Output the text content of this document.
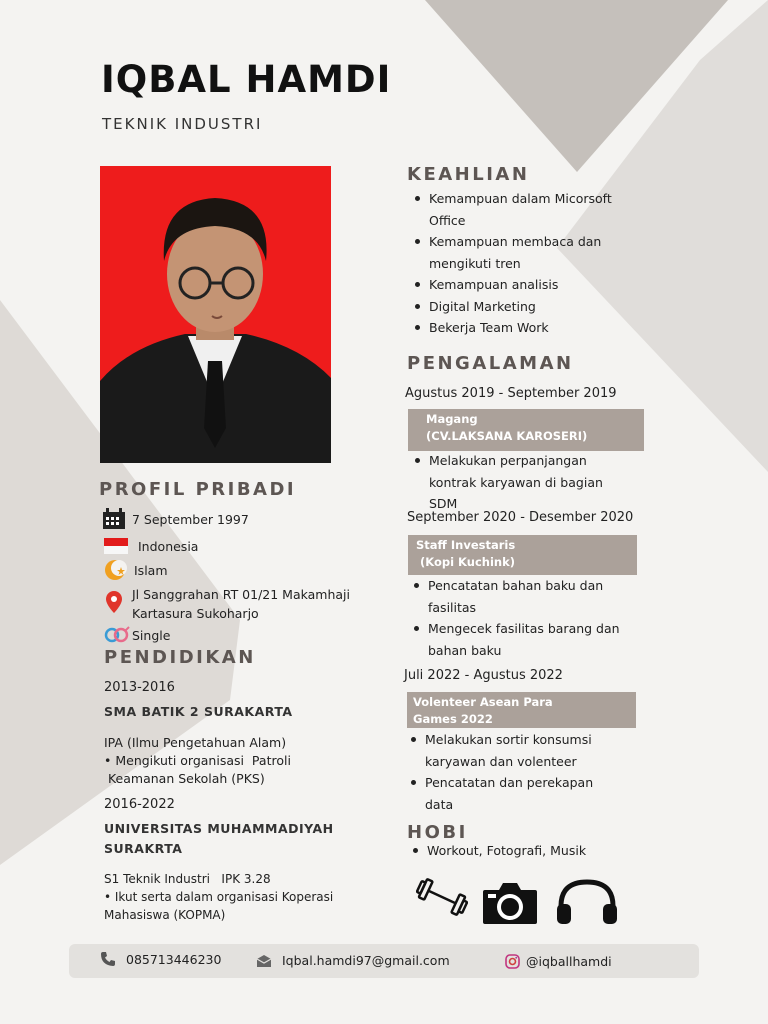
IQBAL HAMDI
TEKNIK INDUSTRI
PROFIL PRIBADI
7 September 1997
Indonesia
Islam
Jl Sanggrahan RT 01/21 Makamhaji
Kartasura Sukoharjo
Single
PENDIDIKAN
2013-2016
SMA BATIK 2 SURAKARTA
IPA (Ilmu Pengetahuan Alam)
• Mengikuti organisasi  Patroli
Keamanan Sekolah (PKS)
2016-2022
UNIVERSITAS MUHAMMADIYAH
SURAKRTA
S1 Teknik Industri   IPK 3.28
• Ikut serta dalam organisasi Koperasi
Mahasiswa (KOPMA)
KEAHLIAN
Kemampuan dalam Micorsoft
Office
Kemampuan membaca dan
mengikuti tren
Kemampuan analisis
Digital Marketing
Bekerja Team Work
PENGALAMAN
Agustus 2019 - September 2019
Magang
(CV.LAKSANA KAROSERI)
Melakukan perpanjangan
kontrak karyawan di bagian
SDM
September 2020 - Desember 2020
Staff Investaris
(Kopi Kuchink)
Pencatatan bahan baku dan
fasilitas
Mengecek fasilitas barang dan
bahan baku
Juli 2022 - Agustus 2022
Volenteer Asean Para
Games 2022
Melakukan sortir konsumsi
karyawan dan volenteer
Pencatatan dan perekapan
data
HOBI
Workout, Fotografi, Musik
085713446230	Iqbal.hamdi97@gmail.com	@iqballhamdi
